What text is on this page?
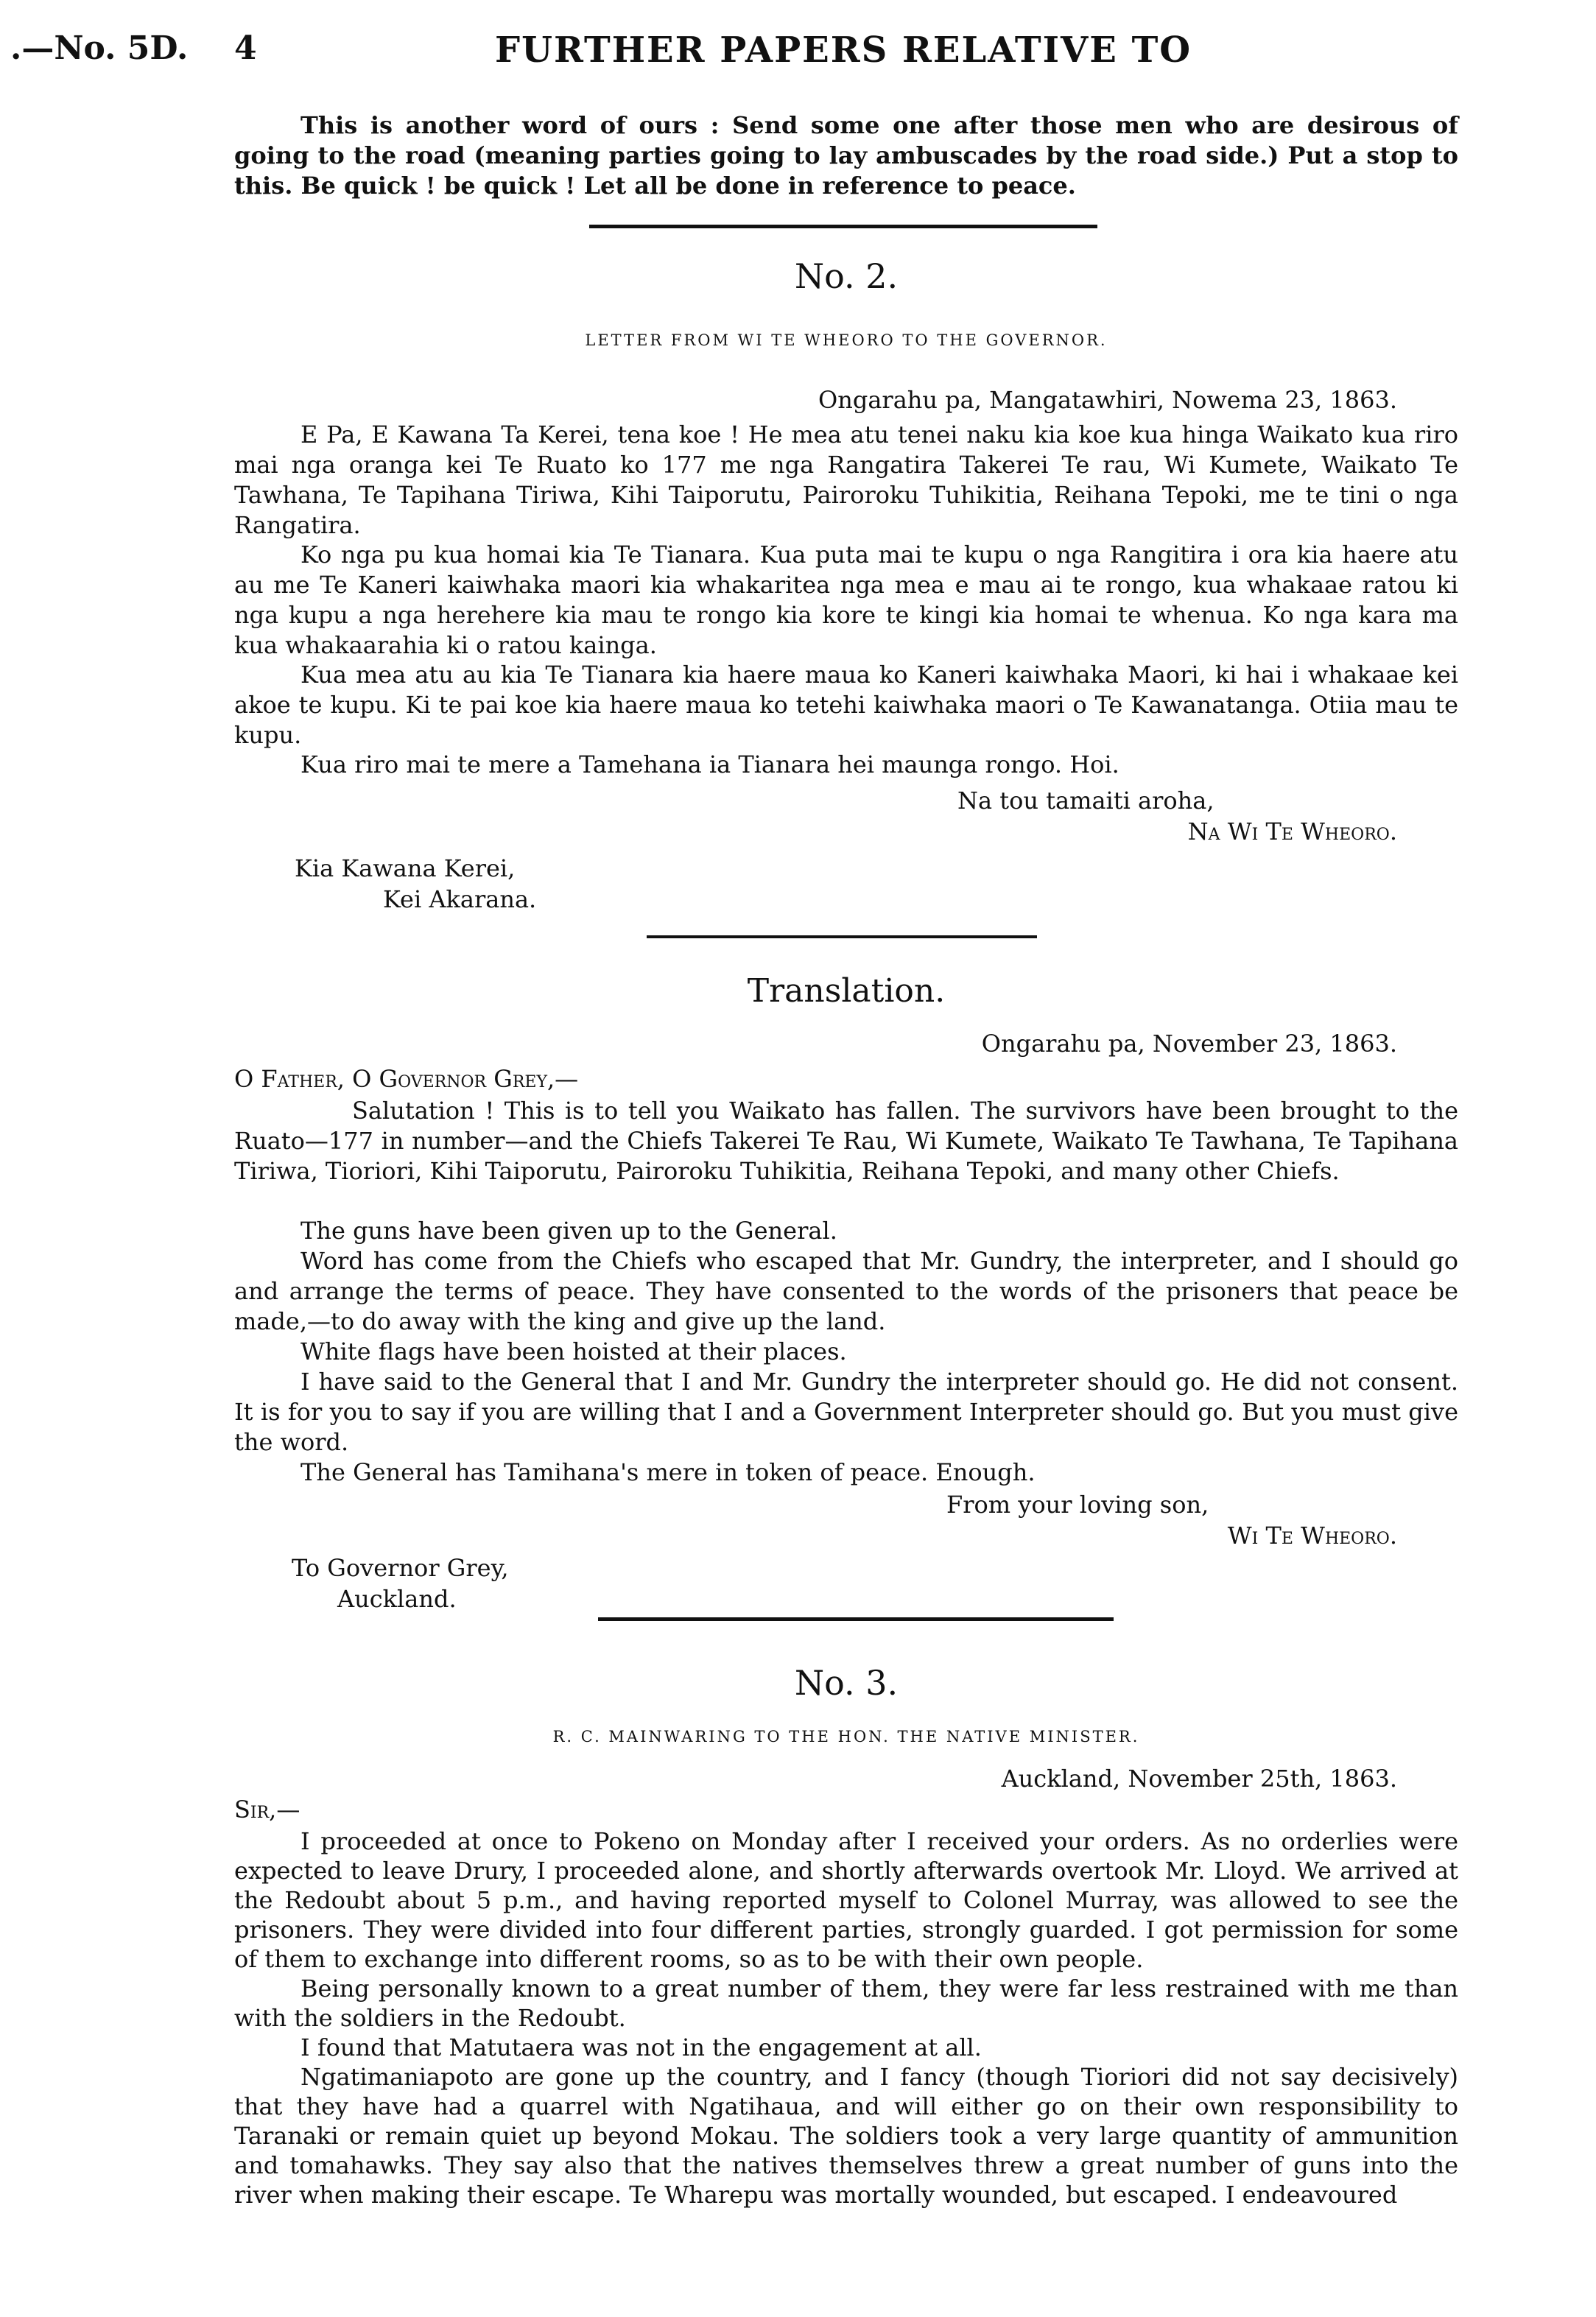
.—No. 5D. 4	FURTHER PAPERS RELATIVE TO
This is another word of ours : Send some one after those men who are desirous of going to the road (meaning parties going to lay ambuscades by the road side.) Put a stop to this. Be quick ! be quick ! Let all be done in reference to peace.
No. 2.
LETTER FROM WI TE WHEORO TO THE GOVERNOR.
Ongarahu pa, Mangatawhiri, Nowema 23, 1863.
E Pa, E Kawana Ta Kerei, tena koe ! He mea atu tenei naku kia koe kua hinga Waikato kua riro mai nga oranga kei Te Ruato ko 177 me nga Rangatira Takerei Te rau, Wi Kumete, Waikato Te Tawhana, Te Tapihana Tiriwa, Kihi Taiporutu, Pairoroku Tuhikitia, Reihana Tepoki, me te tini o nga Rangatira.
Ko nga pu kua homai kia Te Tianara. Kua puta mai te kupu o nga Rangitira i ora kia haere atu au me Te Kaneri kaiwhaka maori kia whakaritea nga mea e mau ai te rongo, kua whakaae ratou ki nga kupu a nga herehere kia mau te rongo kia kore te kingi kia homai te whenua. Ko nga kara ma kua whakaarahia ki o ratou kainga.
Kua mea atu au kia Te Tianara kia haere maua ko Kaneri kaiwhaka Maori, ki hai i whakaae kei akoe te kupu. Ki te pai koe kia haere maua ko tetehi kaiwhaka maori o Te Kawanatanga. Otiia mau te kupu.
Kua riro mai te mere a Tamehana ia Tianara hei maunga rongo. Hoi.
Na tou tamaiti aroha,
Na Wi Te Wheoro.
Kia Kawana Kerei,
Kei Akarana.
Translation.
Ongarahu pa, November 23, 1863.
O Father, O Governor Grey,—
Salutation ! This is to tell you Waikato has fallen. The survivors have been brought to the Ruato—177 in number—and the Chiefs Takerei Te Rau, Wi Kumete, Waikato Te Tawhana, Te Tapihana Tiriwa, Tioriori, Kihi Taiporutu, Pairoroku Tuhikitia, Reihana Tepoki, and many other Chiefs.
The guns have been given up to the General.
Word has come from the Chiefs who escaped that Mr. Gundry, the interpreter, and I should go and arrange the terms of peace. They have consented to the words of the prisoners that peace be made,—to do away with the king and give up the land.
White flags have been hoisted at their places.
I have said to the General that I and Mr. Gundry the interpreter should go. He did not consent. It is for you to say if you are willing that I and a Government Interpreter should go. But you must give the word.
The General has Tamihana's mere in token of peace. Enough.
From your loving son,
Wi Te Wheoro.
To Governor Grey,
Auckland.
No. 3.
R. C. MAINWARING TO THE HON. THE NATIVE MINISTER.
Auckland, November 25th, 1863.
Sir,—
I proceeded at once to Pokeno on Monday after I received your orders. As no orderlies were expected to leave Drury, I proceeded alone, and shortly afterwards overtook Mr. Lloyd. We arrived at the Redoubt about 5 p.m., and having reported myself to Colonel Murray, was allowed to see the prisoners. They were divided into four different parties, strongly guarded. I got permission for some of them to exchange into different rooms, so as to be with their own people.
Being personally known to a great number of them, they were far less restrained with me than with the soldiers in the Redoubt.
I found that Matutaera was not in the engagement at all.
Ngatimaniapoto are gone up the country, and I fancy (though Tioriori did not say decisively) that they have had a quarrel with Ngatihaua, and will either go on their own responsibility to Taranaki or remain quiet up beyond Mokau. The soldiers took a very large quantity of ammunition and tomahawks. They say also that the natives themselves threw a great number of guns into the river when making their escape. Te Wharepu was mortally wounded, but escaped. I endeavoured
